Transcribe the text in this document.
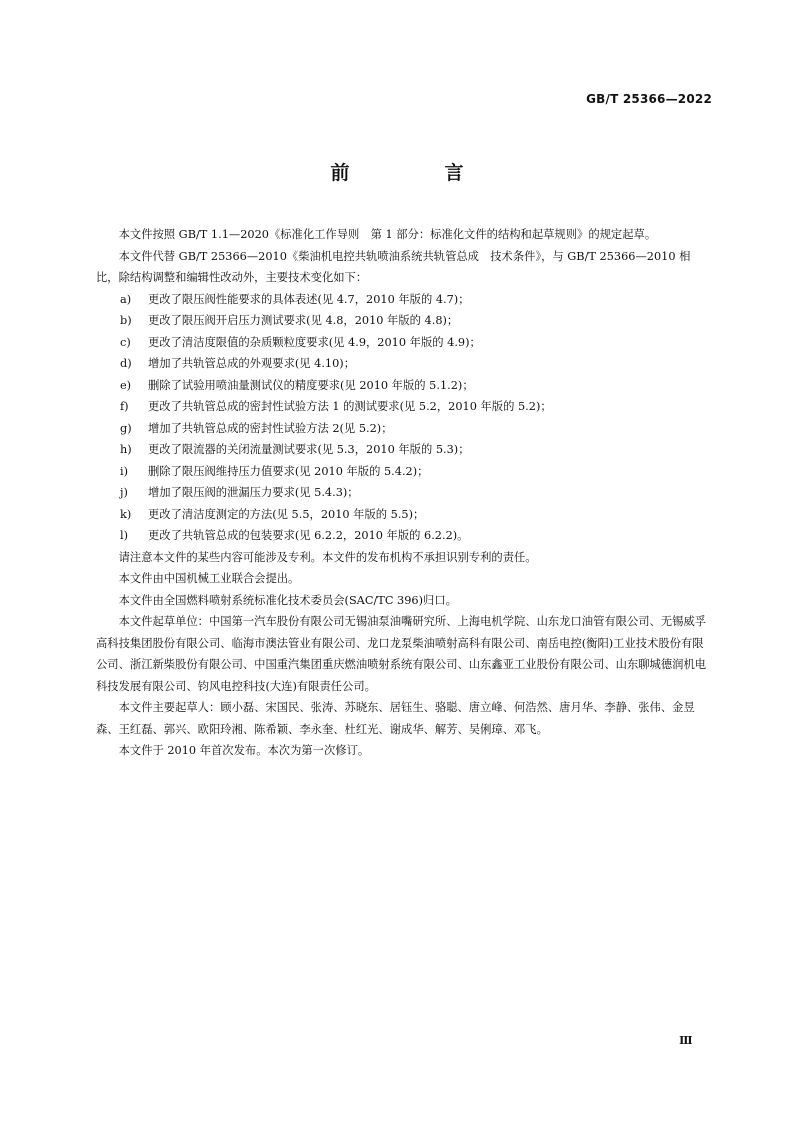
GB/T 25366—2022
前　言

本文件按照 GB/T 1.1—2020《标准化工作导则　第 1 部分：标准化文件的结构和起草规则》的规定起草。

本文件代替 GB/T 25366—2010《柴油机电控共轨喷油系统共轨管总成　技术条件》，与 GB/T 25366—2010 相比，除结构调整和编辑性改动外，主要技术变化如下：

a) 更改了限压阀性能要求的具体表述(见 4.7，2010 年版的 4.7)；

b) 更改了限压阀开启压力测试要求(见 4.8，2010 年版的 4.8)；

c) 更改了清洁度限值的杂质颗粒度要求(见 4.9，2010 年版的 4.9)；

d) 增加了共轨管总成的外观要求(见 4.10)；

e) 删除了试验用喷油量测试仪的精度要求(见 2010 年版的 5.1.2)；

f) 更改了共轨管总成的密封性试验方法 1 的测试要求(见 5.2，2010 年版的 5.2)；

g) 增加了共轨管总成的密封性试验方法 2(见 5.2)；

h) 更改了限流器的关闭流量测试要求(见 5.3，2010 年版的 5.3)；

i) 删除了限压阀维持压力值要求(见 2010 年版的 5.4.2)；

j) 增加了限压阀的泄漏压力要求(见 5.4.3)；

k) 更改了清洁度测定的方法(见 5.5，2010 年版的 5.5)；

l) 更改了共轨管总成的包装要求(见 6.2.2，2010 年版的 6.2.2)。

请注意本文件的某些内容可能涉及专利。本文件的发布机构不承担识别专利的责任。

本文件由中国机械工业联合会提出。

本文件由全国燃料喷射系统标准化技术委员会(SAC/TC 396)归口。

本文件起草单位：中国第一汽车股份有限公司无锡油泵油嘴研究所、上海电机学院、山东龙口油管有限公司、无锡威孚高科技集团股份有限公司、临海市澳法管业有限公司、龙口龙泵柴油喷射高科有限公司、南岳电控(衡阳)工业技术股份有限公司、浙江新柴股份有限公司、中国重汽集团重庆燃油喷射系统有限公司、山东鑫亚工业股份有限公司、山东聊城德润机电科技发展有限公司、钧风电控科技(大连)有限责任公司。

本文件主要起草人：顾小磊、宋国民、张涛、苏晓东、居钰生、骆聪、唐立峰、何浩然、唐月华、李静、张伟、金昱森、王红磊、郭兴、欧阳玲湘、陈希颖、李永奎、杜红光、谢成华、解芳、吴俐璋、邓飞。

本文件于 2010 年首次发布。本次为第一次修订。

Ⅲ
